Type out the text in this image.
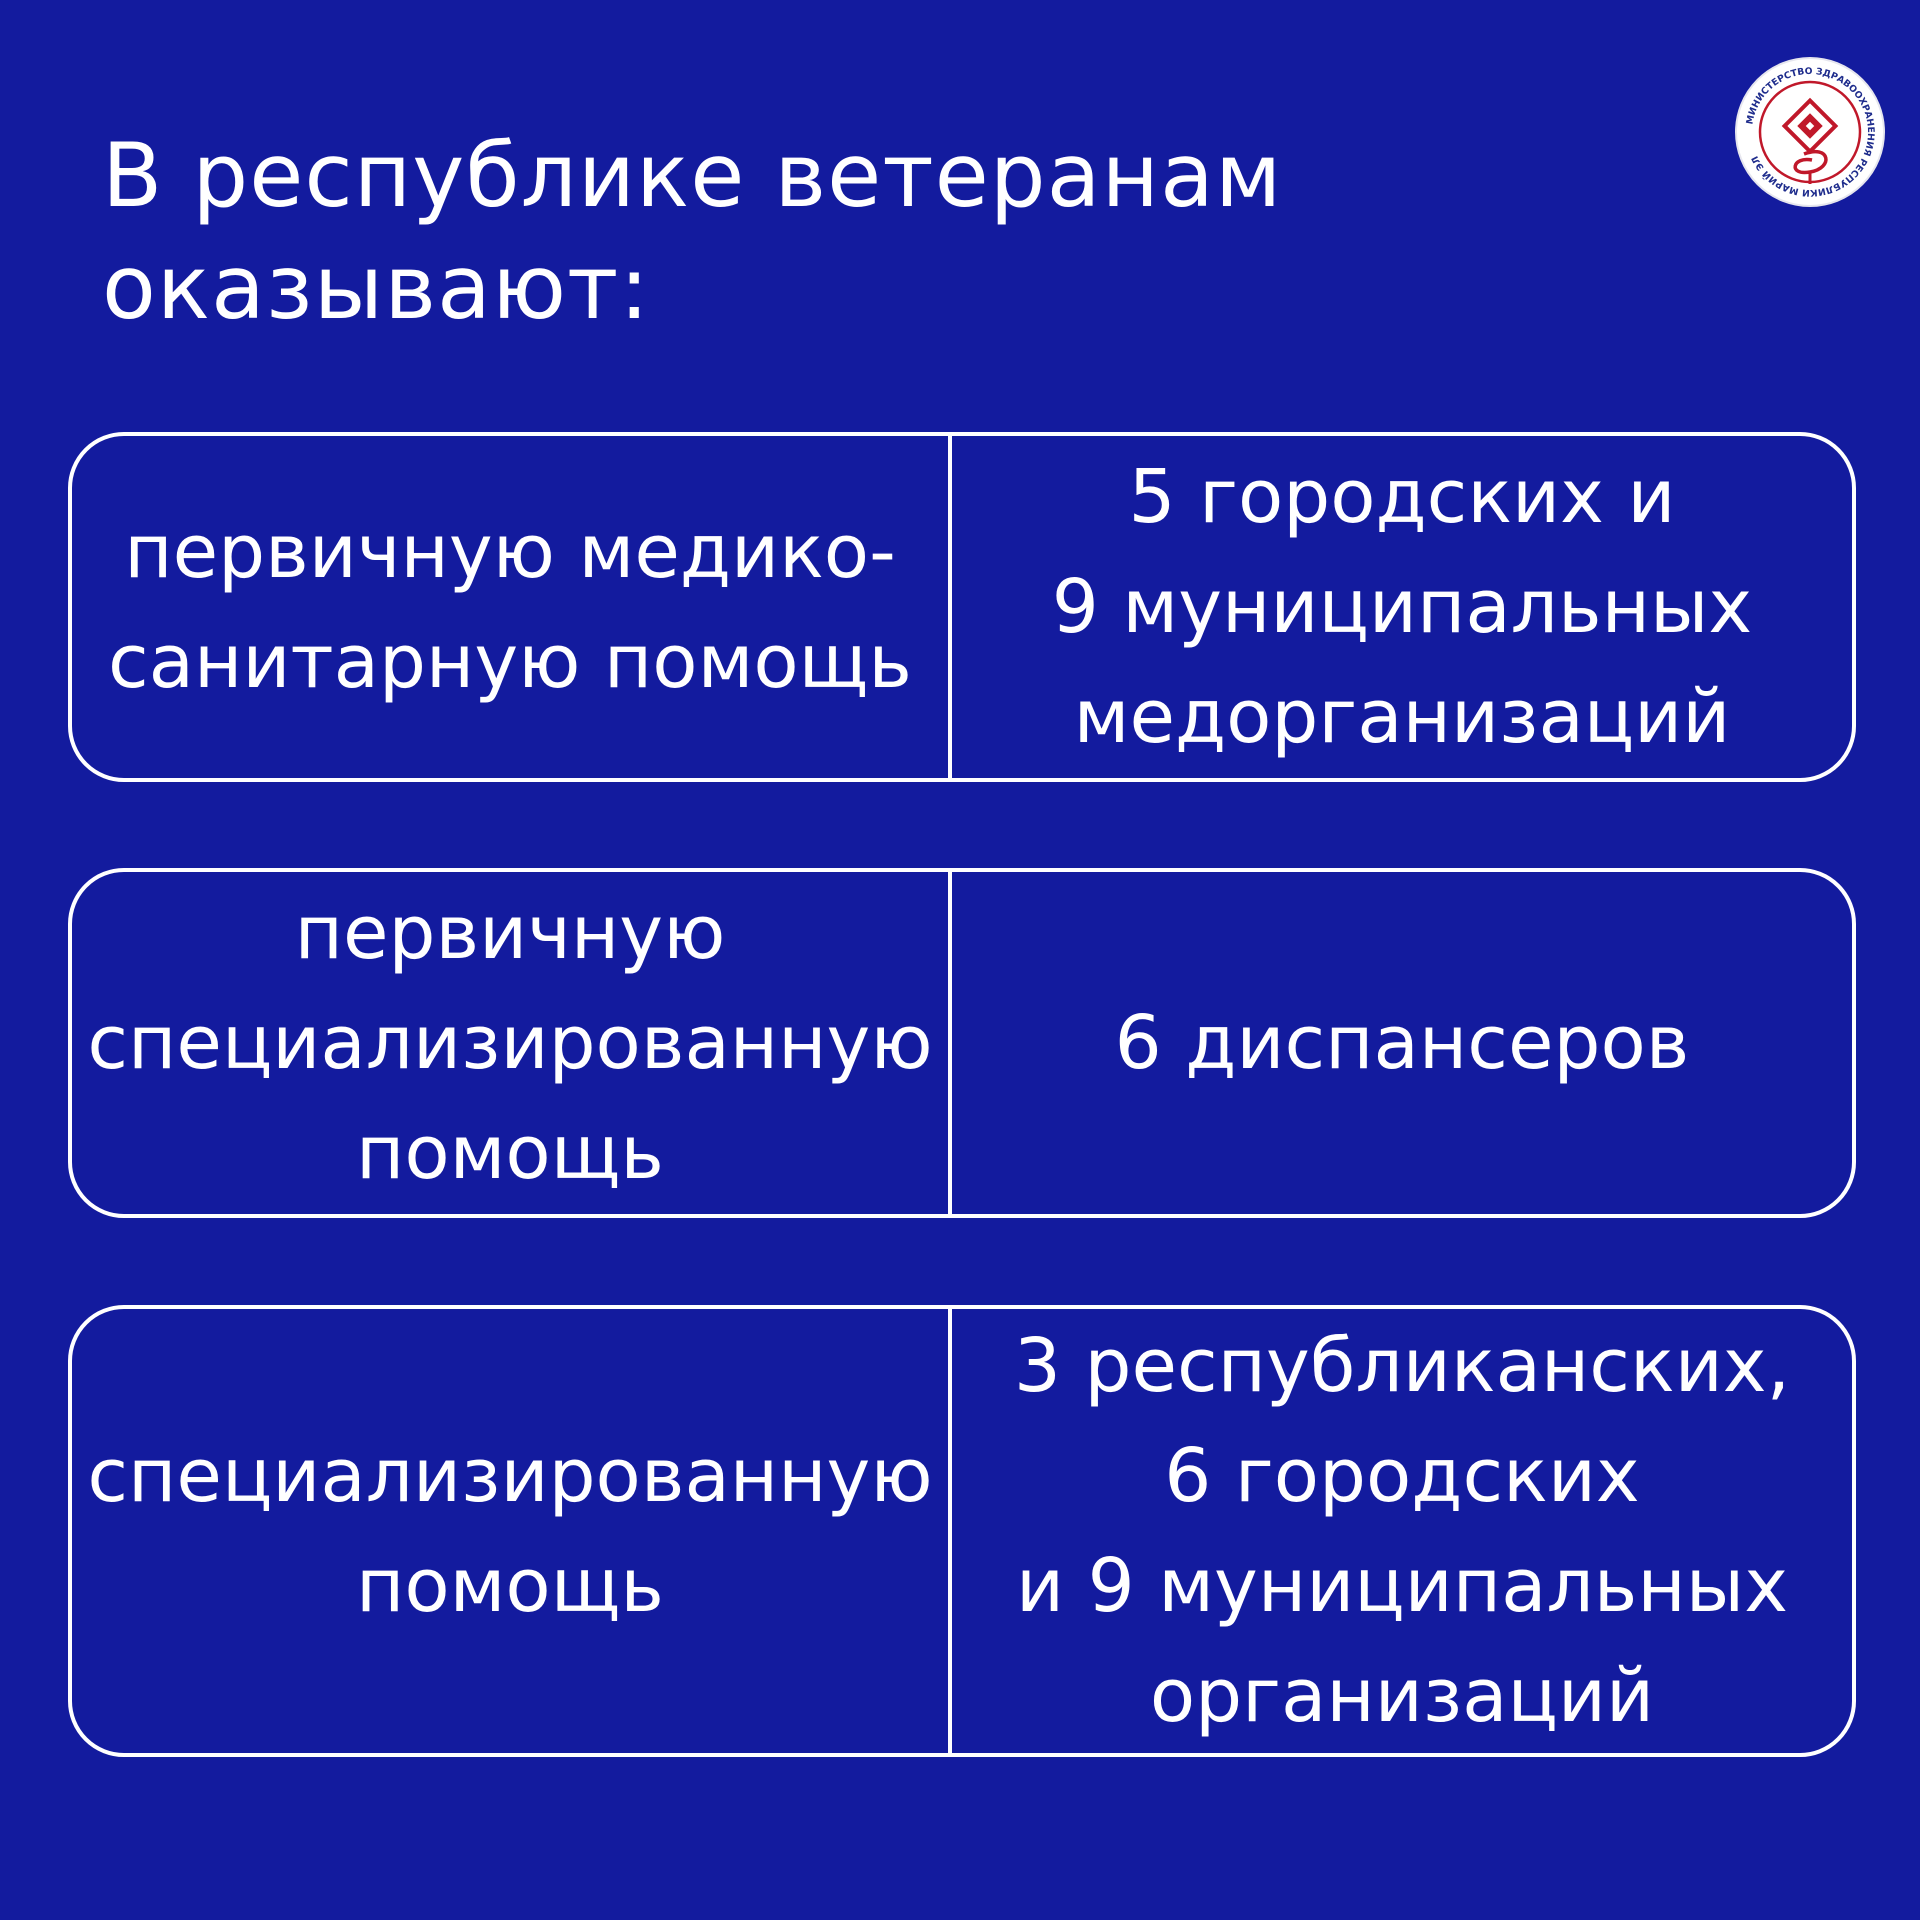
В республике ветеранам
оказывают:
МИНИСТЕРСТВО ЗДРАВООХРАНЕНИЯ РЕСПУБЛИКИ МАРИЙ ЭЛ
первичную медико-
санитарную помощь
5 городских и
9 муниципальных
медорганизаций
первичную
специализированную
помощь
6 диспансеров
специализированную
помощь
3 республиканских,
6 городских
и 9 муниципальных
организаций
